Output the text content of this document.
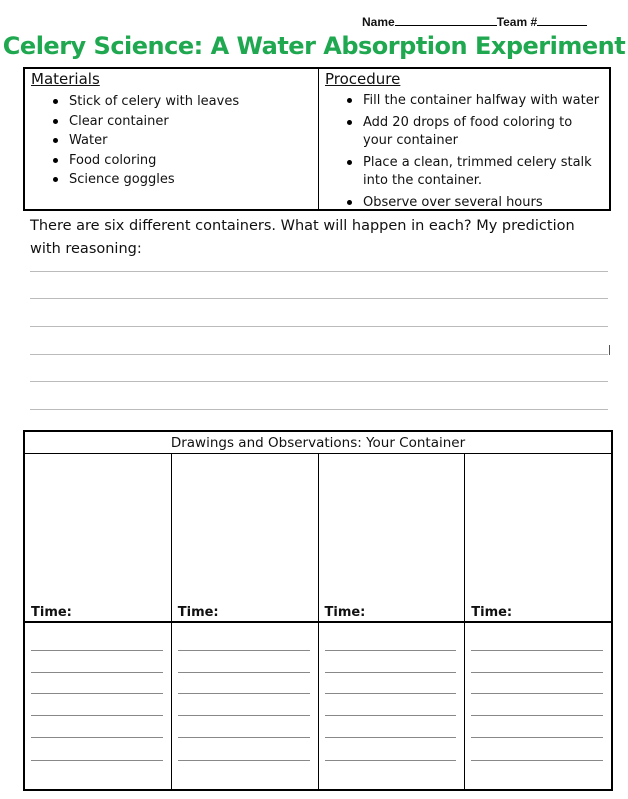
Name	Team #
Celery Science: A Water Absorption Experiment
Materials
Stick of celery with leaves
Clear container
Water
Food coloring
Science goggles
Procedure
Fill the container halfway with water
Add 20 drops of food coloring to your container
Place a clean, trimmed celery stalk into the container.
Observe over several hours
There are six different containers. What will happen in each? My prediction with reasoning:
Drawings and Observations: Your Container
Time:	Time:	Time:	Time:
